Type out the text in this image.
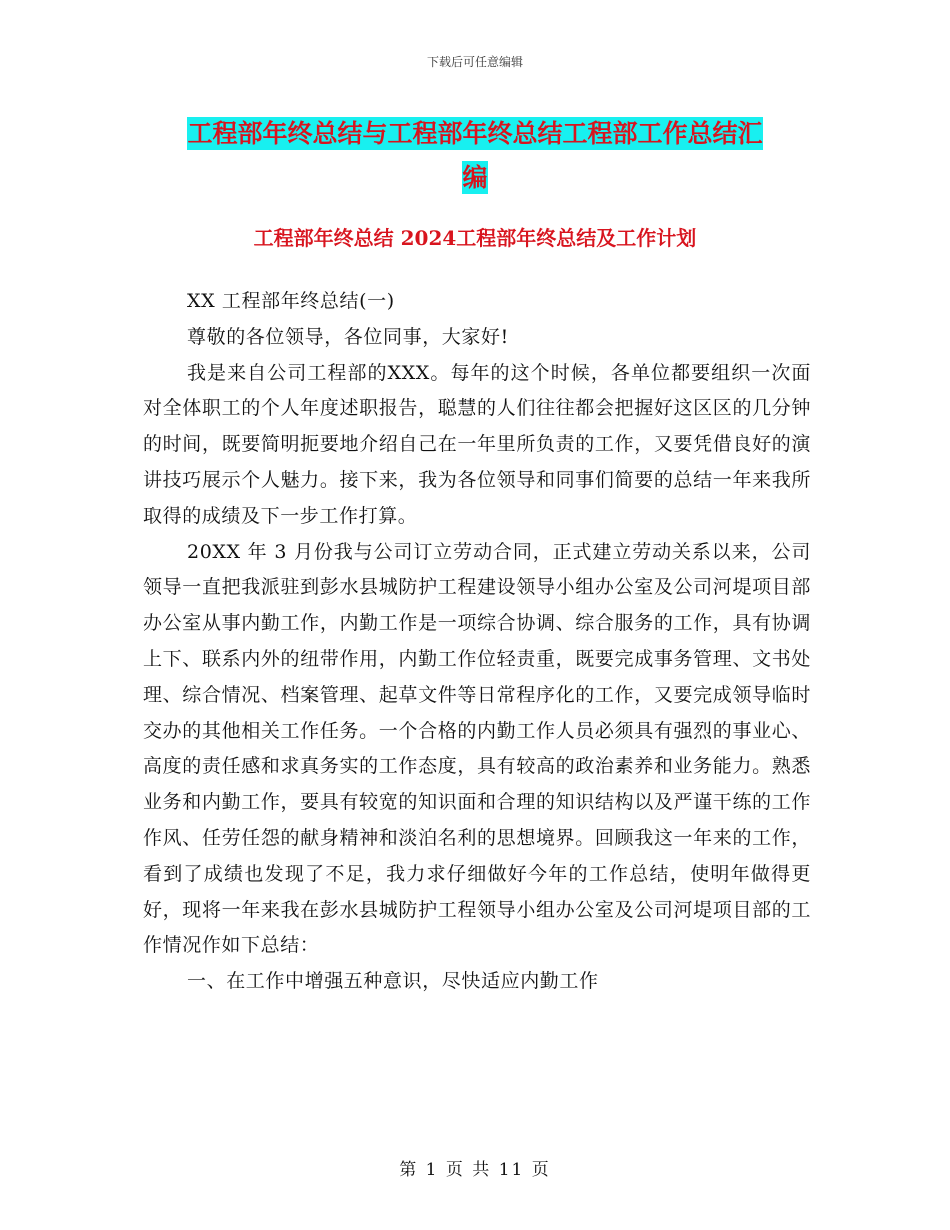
下载后可任意编辑
工程部年终总结与工程部年终总结工程部工作总结汇
编
工程部年终总结 2024工程部年终总结及工作计划

XX 工程部年终总结(一)

尊敬的各位领导，各位同事，大家好!

我是来自公司工程部的XXX。每年的这个时候，各单位都要组织一次面对全体职工的个人年度述职报告，聪慧的人们往往都会把握好这区区的几分钟的时间，既要简明扼要地介绍自己在一年里所负责的工作，又要凭借良好的演讲技巧展示个人魅力。接下来，我为各位领导和同事们简要的总结一年来我所取得的成绩及下一步工作打算。

20XX 年 3 月份我与公司订立劳动合同，正式建立劳动关系以来，公司领导一直把我派驻到彭水县城防护工程建设领导小组办公室及公司河堤项目部办公室从事内勤工作，内勤工作是一项综合协调、综合服务的工作，具有协调上下、联系内外的纽带作用，内勤工作位轻责重，既要完成事务管理、文书处理、综合情况、档案管理、起草文件等日常程序化的工作，又要完成领导临时交办的其他相关工作任务。一个合格的内勤工作人员必须具有强烈的事业心、高度的责任感和求真务实的工作态度，具有较高的政治素养和业务能力。熟悉业务和内勤工作，要具有较宽的知识面和合理的知识结构以及严谨干练的工作作风、任劳任怨的献身精神和淡泊名利的思想境界。回顾我这一年来的工作，看到了成绩也发现了不足，我力求仔细做好今年的工作总结，使明年做得更好，现将一年来我在彭水县城防护工程领导小组办公室及公司河堤项目部的工作情况作如下总结：

一、在工作中增强五种意识，尽快适应内勤工作

第 1 页 共 11 页
